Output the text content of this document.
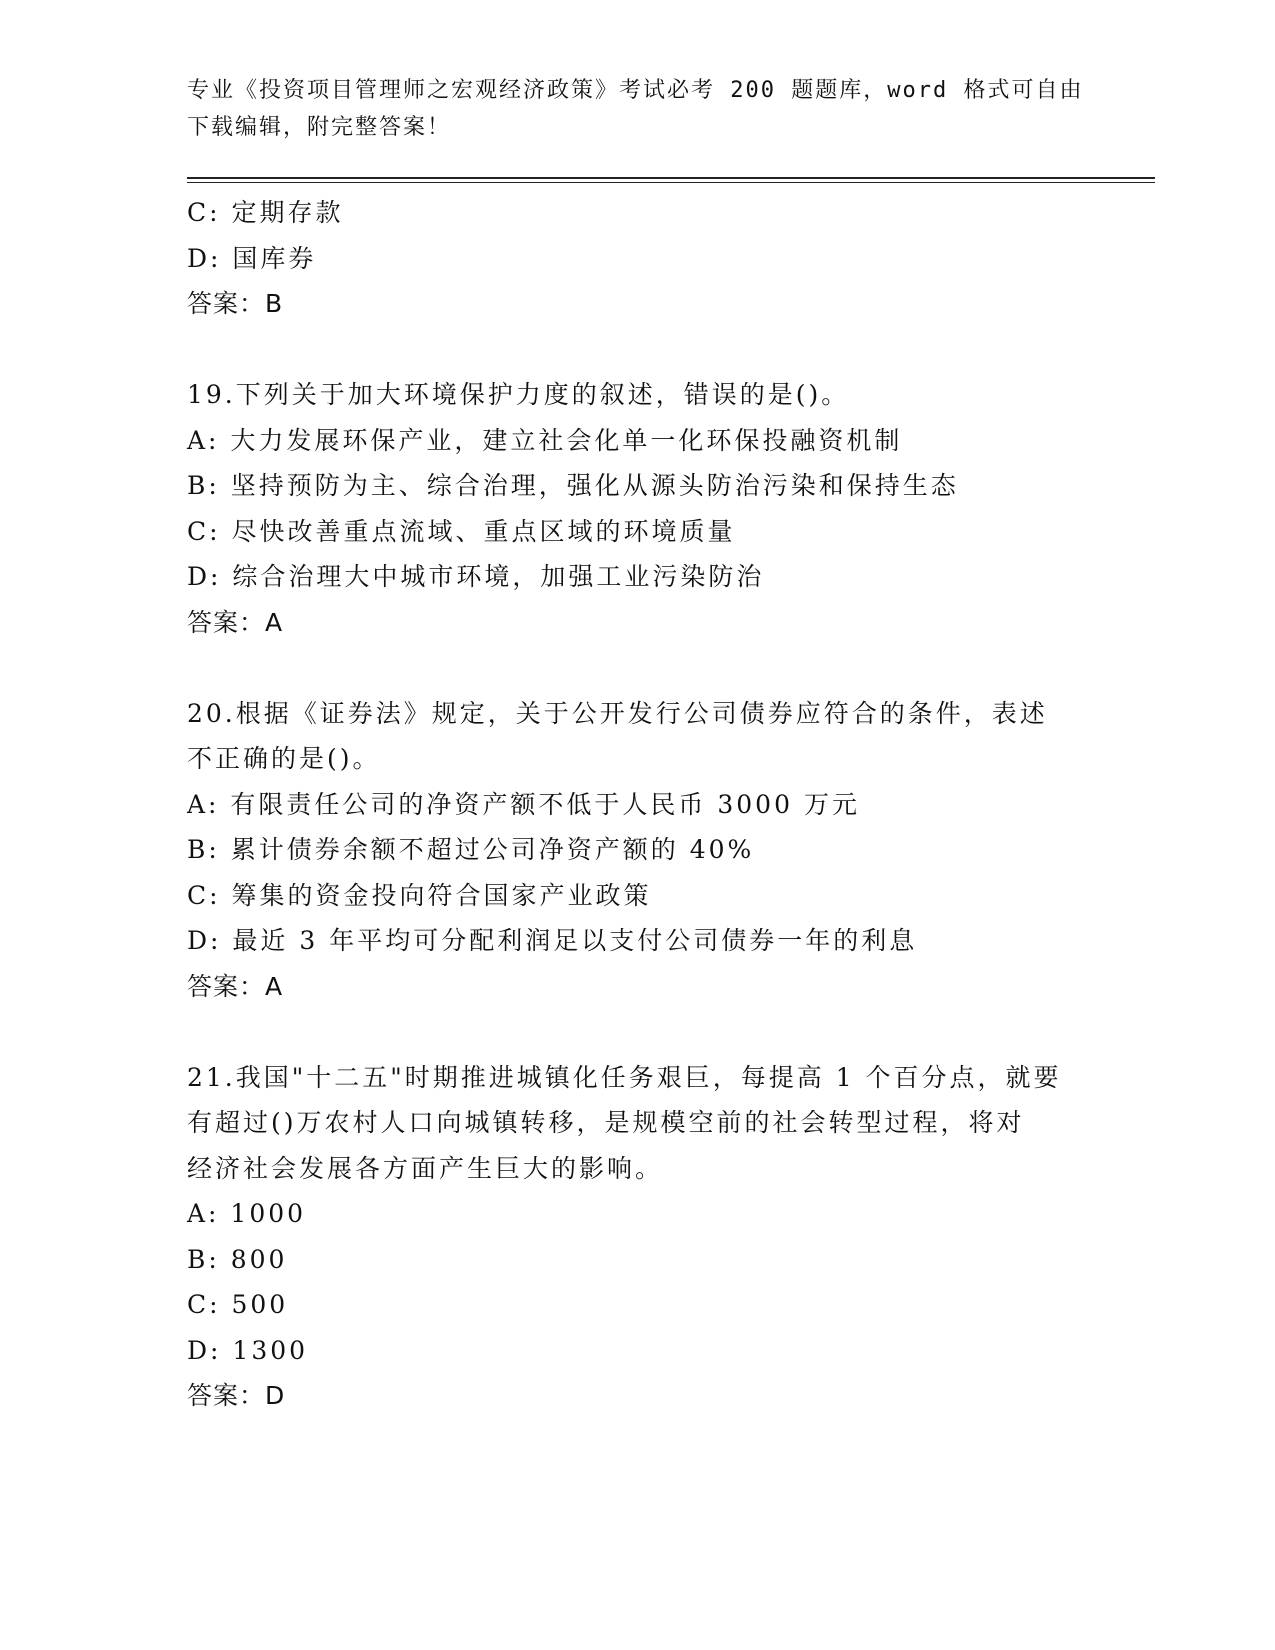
专业《投资项目管理师之宏观经济政策》考试必考 200 题题库，word 格式可自由
下载编辑，附完整答案！
C: 定期存款
D: 国库券
答案：B
19.下列关于加大环境保护力度的叙述，错误的是()。
A: 大力发展环保产业，建立社会化单一化环保投融资机制
B: 坚持预防为主、综合治理，强化从源头防治污染和保持生态
C: 尽快改善重点流域、重点区域的环境质量
D: 综合治理大中城市环境，加强工业污染防治
答案：A
20.根据《证券法》规定，关于公开发行公司债券应符合的条件，表述
不正确的是()。
A: 有限责任公司的净资产额不低于人民币 3000 万元
B: 累计债券余额不超过公司净资产额的 40%
C: 筹集的资金投向符合国家产业政策
D: 最近 3 年平均可分配利润足以支付公司债券一年的利息
答案：A
21.我国"十二五"时期推进城镇化任务艰巨，每提高 1 个百分点，就要
有超过()万农村人口向城镇转移，是规模空前的社会转型过程，将对
经济社会发展各方面产生巨大的影响。
A: 1000
B: 800
C: 500
D: 1300
答案：D
